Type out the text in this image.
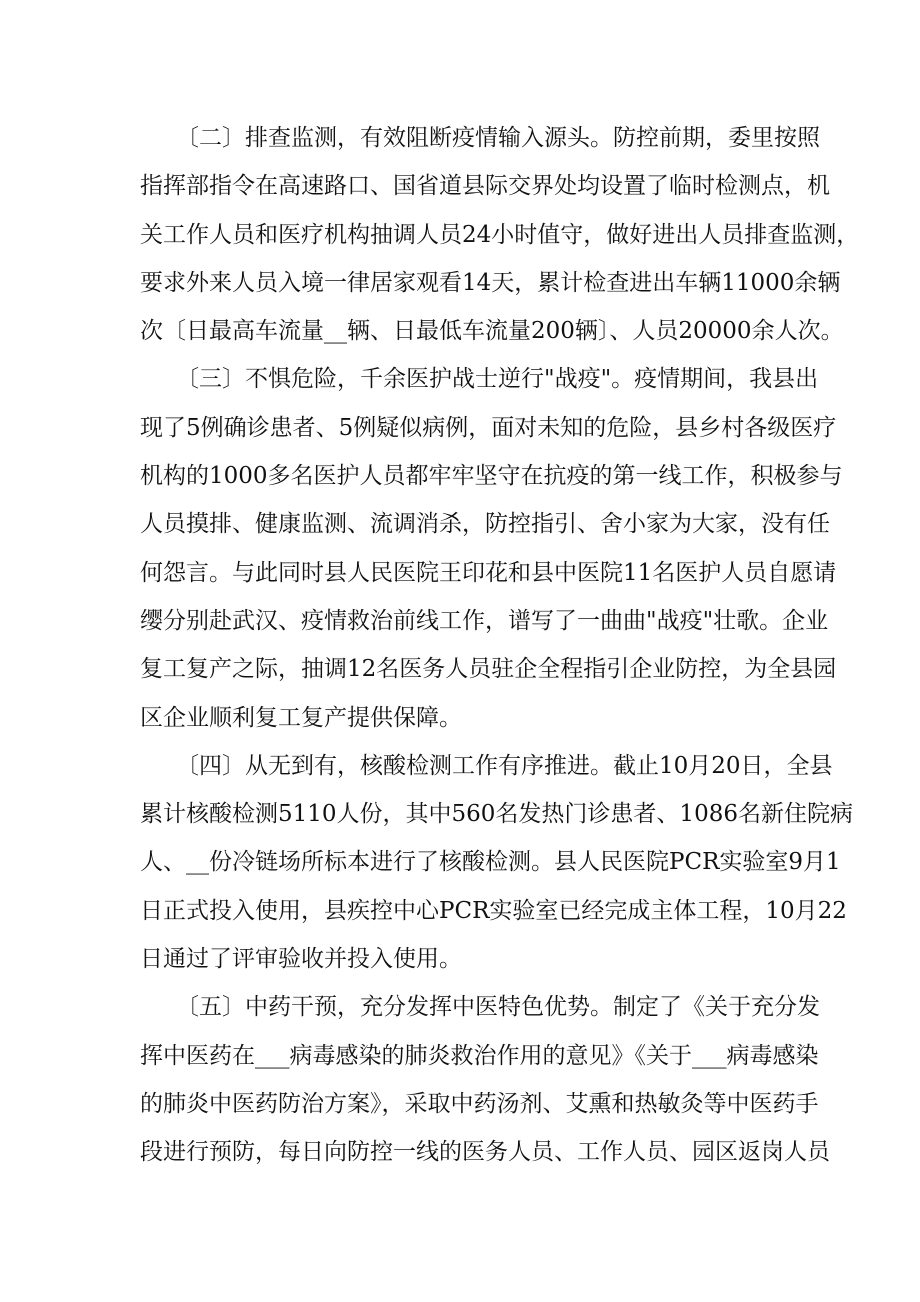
〔二〕排查监测，有效阻断疫情输入源头。防控前期，委里按照
指挥部指令在高速路口、国省道县际交界处均设置了临时检测点，机
关工作人员和医疗机构抽调人员24小时值守，做好进出人员排查监测，
要求外来人员入境一律居家观看14天，累计检查进出车辆11000余辆
次〔日最高车流量__辆、日最低车流量200辆〕、人员20000余人次。
〔三〕不惧危险，千余医护战士逆行"战疫"。疫情期间，我县出
现了5例确诊患者、5例疑似病例，面对未知的危险，县乡村各级医疗
机构的1000多名医护人员都牢牢坚守在抗疫的第一线工作，积极参与
人员摸排、健康监测、流调消杀，防控指引、舍小家为大家，没有任
何怨言。与此同时县人民医院王印花和县中医院11名医护人员自愿请
缨分别赴武汉、疫情救治前线工作，谱写了一曲曲"战疫"壮歌。企业
复工复产之际，抽调12名医务人员驻企全程指引企业防控，为全县园
区企业顺利复工复产提供保障。
〔四〕从无到有，核酸检测工作有序推进。截止10月20日，全县
累计核酸检测5110人份，其中560名发热门诊患者、1086名新住院病
人、__份冷链场所标本进行了核酸检测。县人民医院PCR实验室9月1
日正式投入使用，县疾控中心PCR实验室已经完成主体工程，10月22
日通过了评审验收并投入使用。
〔五〕中药干预，充分发挥中医特色优势。制定了《关于充分发
挥中医药在___病毒感染的肺炎救治作用的意见》《关于___病毒感染
的肺炎中医药防治方案》，采取中药汤剂、艾熏和热敏灸等中医药手
段进行预防，每日向防控一线的医务人员、工作人员、园区返岗人员
